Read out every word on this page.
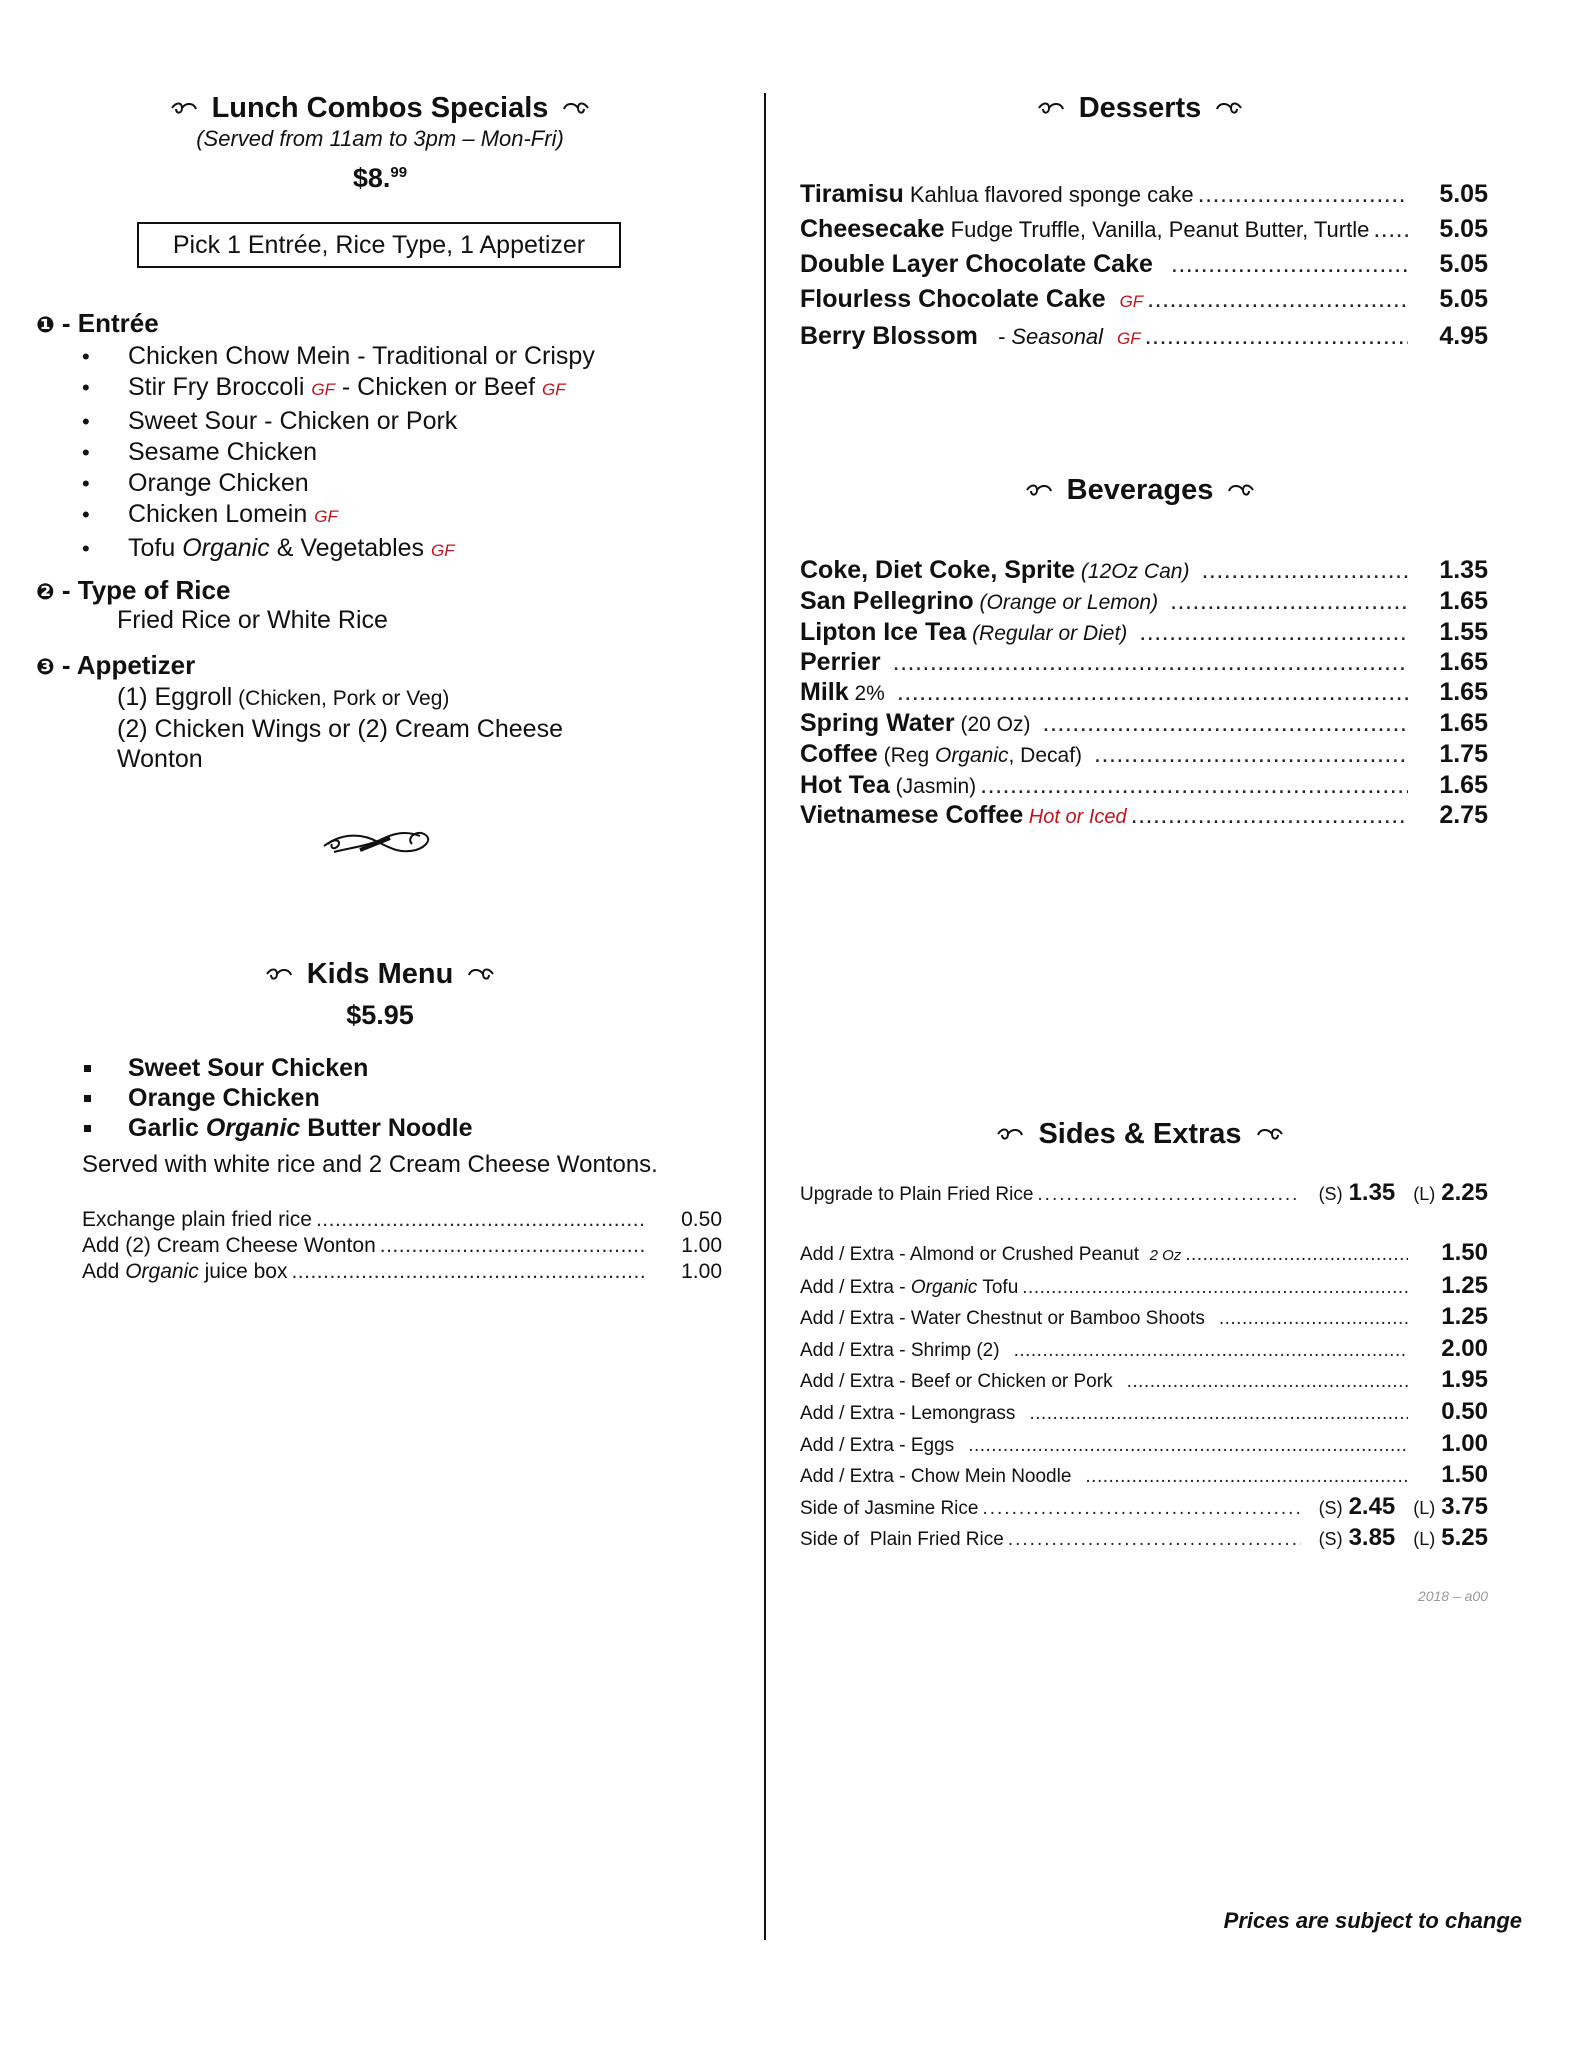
Lunch Combos Specials
(Served from 11am to 3pm – Mon-Fri)
$8.99
Pick 1 Entrée, Rice Type, 1 Appetizer
❶ - Entrée
• Chicken Chow Mein - Traditional or Crispy
• Stir Fry Broccoli GF - Chicken or Beef GF
• Sweet Sour - Chicken or Pork
• Sesame Chicken
• Orange Chicken
• Chicken Lomein GF
• Tofu Organic & Vegetables GF
❷ - Type of Rice
Fried Rice or White Rice
❸ - Appetizer
(1) Eggroll (Chicken, Pork or Veg)
(2) Chicken Wings or (2) Cream Cheese
Wonton
Kids Menu
$5.95
Sweet Sour Chicken
Orange Chicken
Garlic Organic Butter Noodle
Served with white rice and 2 Cream Cheese Wontons.
Exchange plain fried rice .....	0.50
Add (2) Cream Cheese Wonton .....	1.00
Add Organic juice box .....	1.00
Desserts
Tiramisu Kahlua flavored sponge cake .....	5.05
Cheesecake Fudge Truffle, Vanilla, Peanut Butter, Turtle .....	5.05
Double Layer Chocolate Cake .....	5.05
Flourless Chocolate Cake GF .....	5.05
Berry Blossom   - Seasonal GF .....	4.95
Beverages
Coke, Diet Coke, Sprite (12Oz Can) .....	1.35
San Pellegrino (Orange or Lemon) .....	1.65
Lipton Ice Tea (Regular or Diet) .....	1.55
Perrier .....	1.65
Milk 2% .....	1.65
Spring Water (20 Oz) .....	1.65
Coffee (Reg Organic, Decaf) .....	1.75
Hot Tea (Jasmin) .....	1.65
Vietnamese Coffee Hot or Iced .....	2.75
Sides & Extras
Upgrade to Plain Fried Rice .....	(S) 1.35 (L) 2.25
Add / Extra - Almond or Crushed Peanut 2 Oz .....	1.50
Add / Extra - Organic Tofu .....	1.25
Add / Extra - Water Chestnut or Bamboo Shoots .....	1.25
Add / Extra - Shrimp (2) .....	2.00
Add / Extra - Beef or Chicken or Pork .....	1.95
Add / Extra - Lemongrass .....	0.50
Add / Extra - Eggs .....	1.00
Add / Extra - Chow Mein Noodle .....	1.50
Side of Jasmine Rice .....	(S) 2.45 (L) 3.75
Side of  Plain Fried Rice .....	(S) 3.85 (L) 5.25
2018 – a00
Prices are subject to change
